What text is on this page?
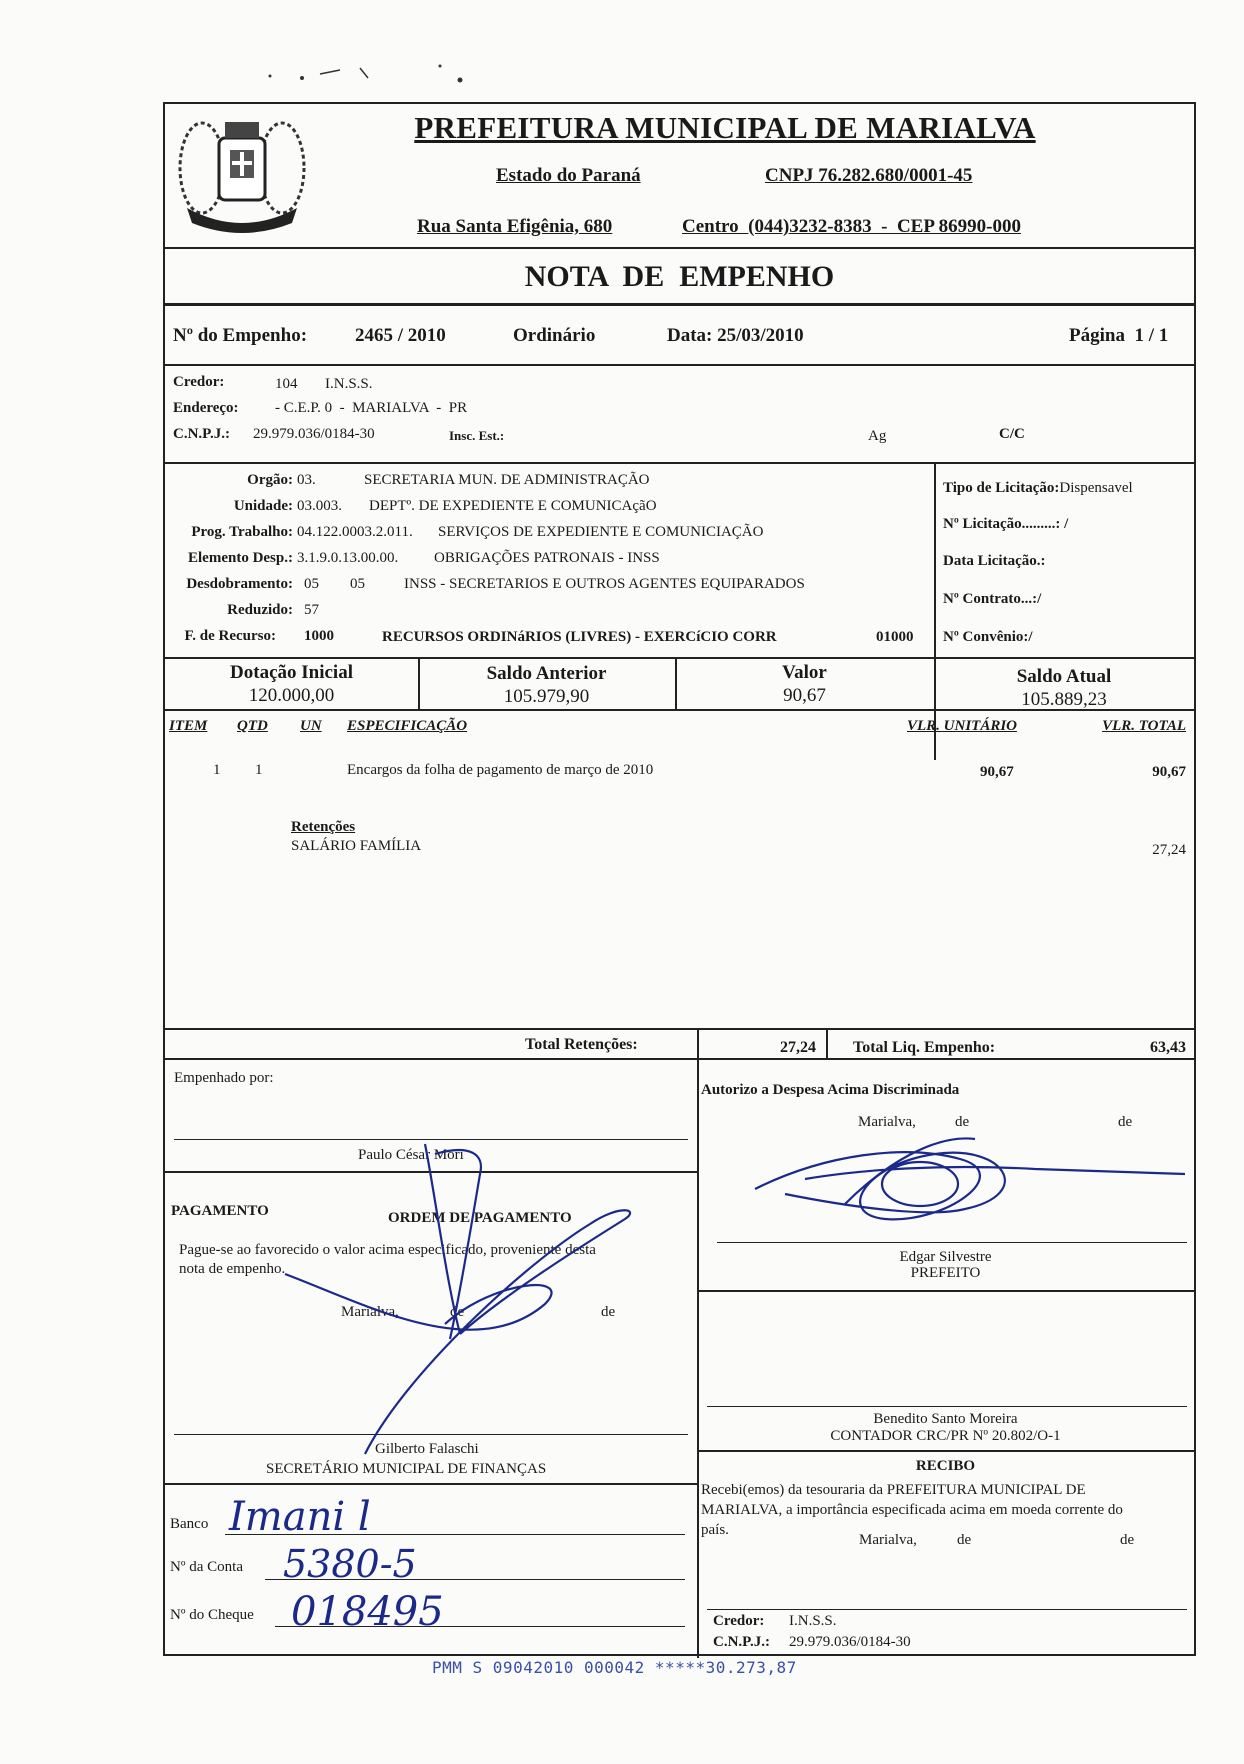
PREFEITURA MUNICIPAL DE MARIALVA
Estado do Paraná	CNPJ 76.282.680/0001-45
Rua Santa Efigênia, 680	Centro  (044)3232-8383  -  CEP 86990-000
NOTA  DE  EMPENHO
Nº do Empenho:	2465 / 2010	Ordinário	Data: 25/03/2010	Página  1 / 1
Credor:	104 I.N.S.S.
Endereço: - C.E.P. 0  -  MARIALVA  -  PR
C.N.P.J.: 29.979.036/0184-30	Insc. Est.:	Ag	C/C
Orgão: 03.	SECRETARIA MUN. DE ADMINISTRAÇÃO
Unidade: 03.003. DEPTº. DE EXPEDIENTE E COMUNICAçãO
Prog. Trabalho: 04.122.0003.2.011. SERVIÇOS DE EXPEDIENTE E COMUNICIAÇÃO
Elemento Desp.: 3.1.9.0.13.00.00. OBRIGAÇÕES PATRONAIS - INSS
Desdobramento: 05 05	INSS - SECRETARIOS E OUTROS AGENTES EQUIPARADOS
Reduzido: 57
F. de Recurso: 1000	RECURSOS ORDINáRIOS (LIVRES) - EXERCíCIO CORR	01000
Tipo de Licitação:Dispensavel
Nº Licitação.........: /
Data Licitação.:
Nº Contrato...:/
Nº Convênio:/
Dotação Inicial
120.000,00
Saldo Anterior
105.979,90
Valor
90,67
Saldo Atual
105.889,23
ITEM QTD UN ESPECIFICAÇÃO	VLR. UNITÁRIO	VLR. TOTAL
1 1	Encargos da folha de pagamento de março de 2010	90,67	90,67
Retenções
SALÁRIO FAMÍLIA	27,24
Total Retenções:	27,24 Total Liq. Empenho:	63,43
Empenhado por:
Paulo César Mori
Autorizo a Despesa Acima Discriminada
Marialva,	de	de
Edgar Silvestre
PREFEITO
PAGAMENTO	ORDEM DE PAGAMENTO
Pague-se ao favorecido o valor acima especificado, proveniente desta
nota de empenho.
Marialva,	de	de
Gilberto Falaschi
SECRETÁRIO MUNICIPAL DE FINANÇAS
Benedito Santo Moreira
CONTADOR CRC/PR Nº 20.802/O-1
RECIBO
Recebi(emos) da tesouraria da PREFEITURA MUNICIPAL DE
MARIALVA, a importância especificada acima em moeda corrente do
país.
Marialva,	de	de
Credor: I.N.S.S.
C.N.P.J.: 29.979.036/0184-30
Banco Imani l
Nº da Conta 5380-5
Nº do Cheque 018495
PMM S 09042010 000042 *****30.273,87
